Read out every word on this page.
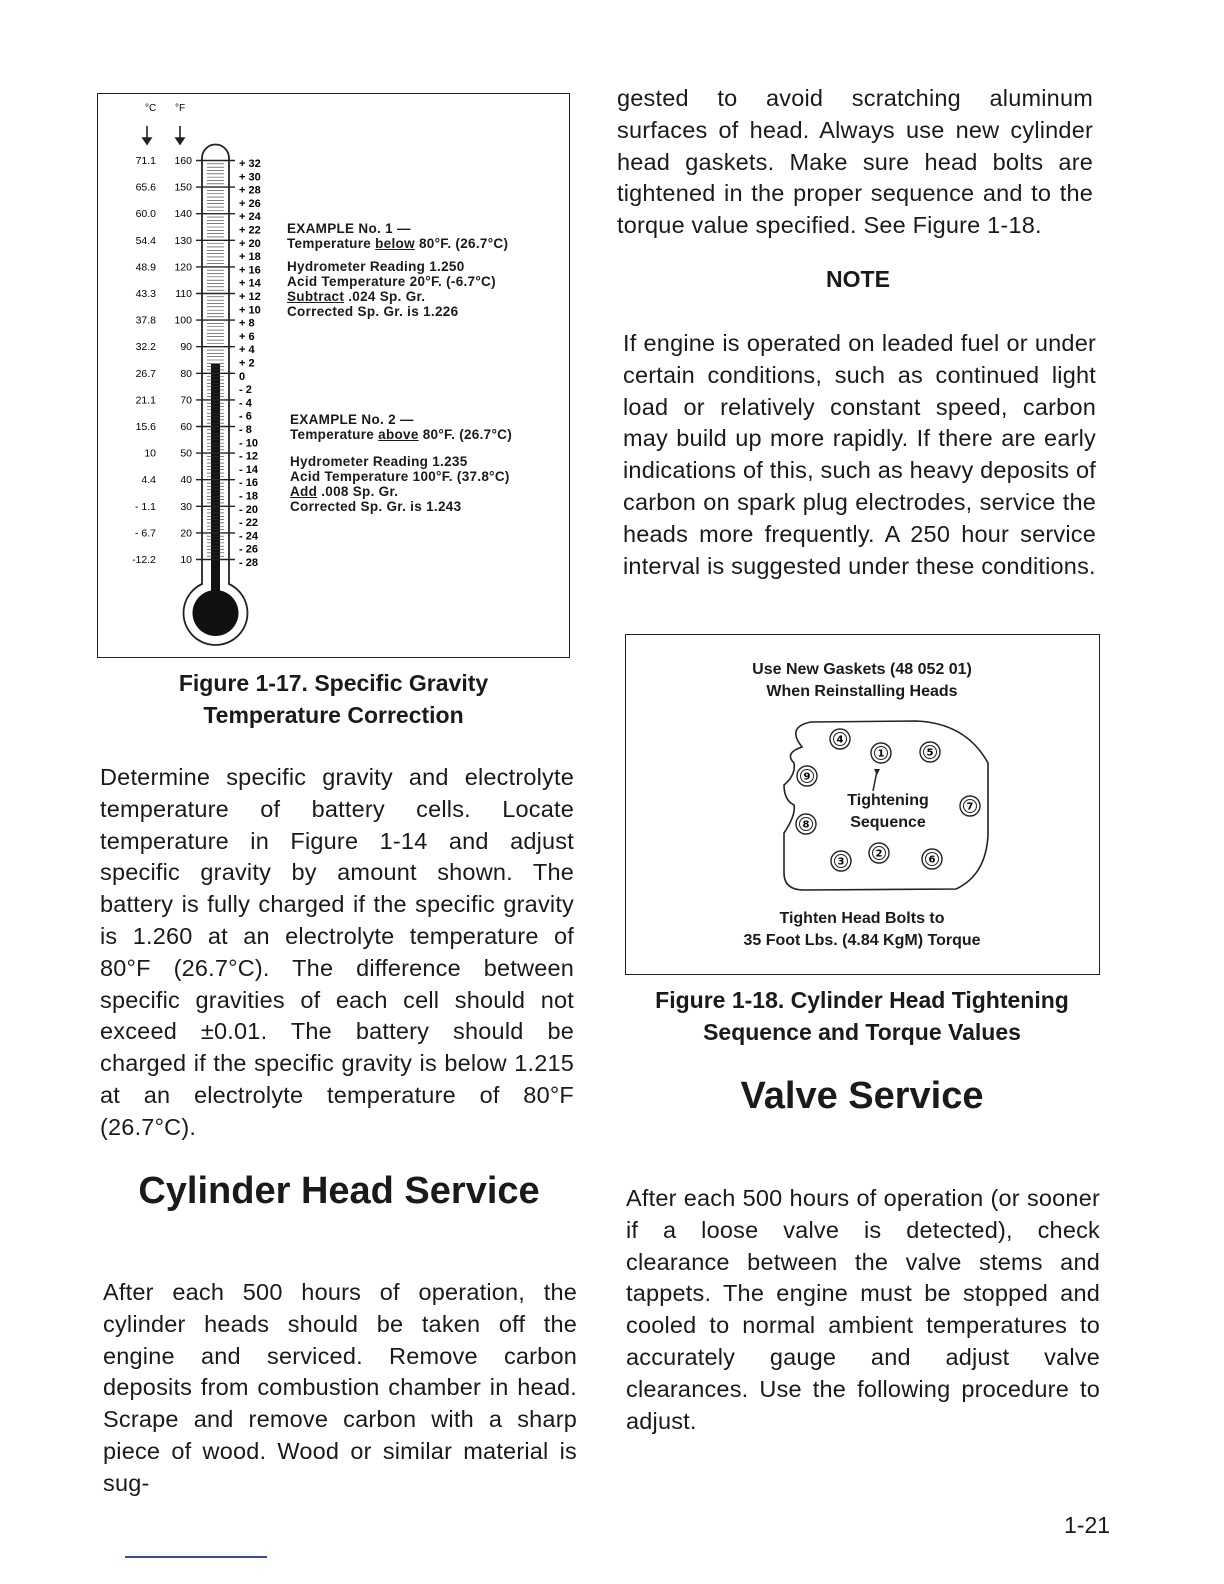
°C °F
71.1 160
65.6 150
60.0 140
54.4 130
48.9 120
43.3 110
37.8 100
32.2 90
26.7 80
21.1 70
15.6 60
10 50
4.4 40
- 1.1 30
- 6.7 20
-12.2 10
+ 32
+ 30
+ 28
+ 26
+ 24
+ 22
+ 20
+ 18
+ 16
+ 14
+ 12
+ 10
+ 8
+ 6
+ 4
+ 2
0
- 2
- 4
- 6
- 8
- 10
- 12
- 14
- 16
- 18
- 20
- 22
- 24
- 26
- 28
EXAMPLE No. 1 —
Temperature below 80°F. (26.7°C)
Hydrometer Reading 1.250
Acid Temperature 20°F. (-6.7°C)
Subtract .024 Sp. Gr.
Corrected Sp. Gr. is 1.226
EXAMPLE No. 2 —
Temperature above 80°F. (26.7°C)
Hydrometer Reading 1.235
Acid Temperature 100°F. (37.8°C)
Add .008 Sp. Gr.
Corrected Sp. Gr. is 1.243
Figure 1-17. Specific Gravity
Temperature Correction
Determine specific gravity and electrolyte temperature of battery cells. Locate temperature in Figure 1-14 and adjust specific gravity by amount shown. The battery is fully charged if the specific gravity is 1.260 at an electrolyte temperature of 80°F (26.7°C). The difference between specific gravities of each cell should not exceed ±0.01. The battery should be charged if the specific gravity is below 1.215 at an electrolyte temperature of 80°F (26.7°C).
Cylinder Head Service
After each 500 hours of operation, the cylinder heads should be taken off the engine and serviced. Remove carbon deposits from combustion chamber in head. Scrape and remove carbon with a sharp piece of wood. Wood or similar material is sug-
gested to avoid scratching aluminum surfaces of head. Always use new cylinder head gaskets. Make sure head bolts are tightened in the proper sequence and to the torque value specified. See Figure 1-18.
NOTE
If engine is operated on leaded fuel or under certain conditions, such as continued light load or relatively constant speed, carbon may build up more rapidly. If there are early indications of this, such as heavy deposits of carbon on spark plug electrodes, service the heads more frequently. A 250 hour service interval is suggested under these conditions.
Use New Gaskets (48 052 01)
When Reinstalling Heads
1
2
3
4
5
6
7
8
9
Tightening
Sequence
Tighten Head Bolts to
35 Foot Lbs. (4.84 KgM) Torque
Figure 1-18. Cylinder Head Tightening
Sequence and Torque Values
Valve Service
After each 500 hours of operation (or sooner if a loose valve is detected), check clearance between the valve stems and tappets. The engine must be stopped and cooled to normal ambient temperatures to accurately gauge and adjust valve clearances. Use the following procedure to adjust.
1-21
